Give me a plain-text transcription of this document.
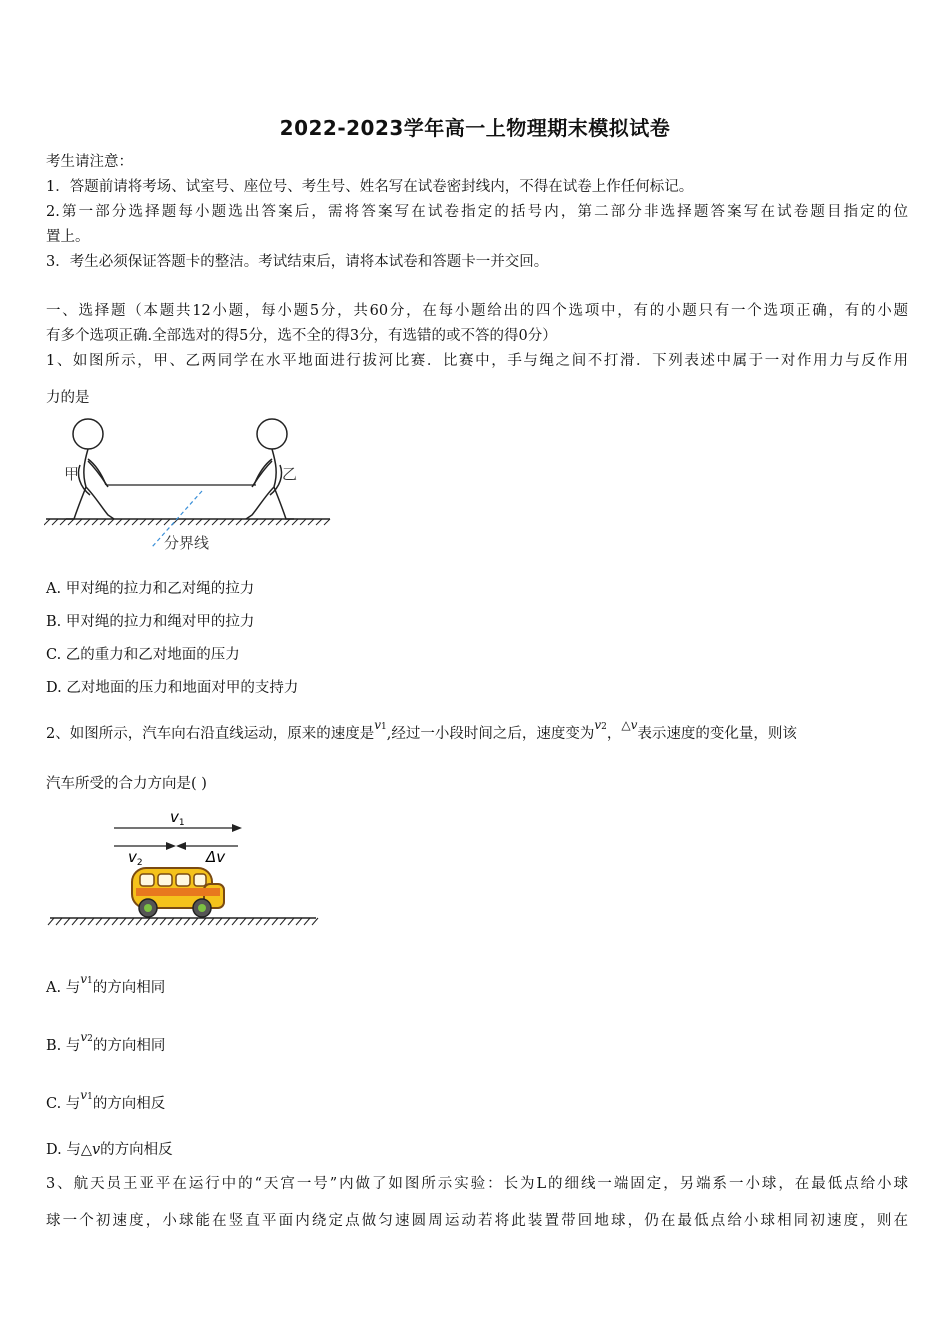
2022-2023学年高一上物理期末模拟试卷
考生请注意：
1．答题前请将考场、试室号、座位号、考生号、姓名写在试卷密封线内，不得在试卷上作任何标记。
2.第一部分选择题每小题选出答案后，需将答案写在试卷指定的括号内，第二部分非选择题答案写在试卷题目指定的位
置上。
3．考生必须保证答题卡的整洁。考试结束后，请将本试卷和答题卡一并交回。
一、选择题（本题共12小题，每小题5分，共60分，在每小题给出的四个选项中，有的小题只有一个选项正确，有的小题
有多个选项正确.全部选对的得5分，选不全的得3分，有选错的或不答的得0分）
1、如图所示，甲、乙两同学在水平地面进行拔河比赛．比赛中，手与绳之间不打滑．下列表述中属于一对作用力与反作用
力的是
甲	乙
分界线
A. 甲对绳的拉力和乙对绳的拉力
B. 甲对绳的拉力和绳对甲的拉力
C. 乙的重力和乙对地面的压力
D. 乙对地面的压力和地面对甲的支持力
2、如图所示，汽车向右沿直线运动，原来的速度是$^{v1}$,经过一小段时间之后，速度变为$^{v2}$，$^{\triangle v}$表示速度的变化量，则该
汽车所受的合力方向是( )
$v_1$
$v_2$	Δv
A. 与$^{v1}$的方向相同
B. 与$^{v2}$的方向相同
C. 与$^{v1}$的方向相反
D. 与△v的方向相反
3、航天员王亚平在运行中的“天宫一号”内做了如图所示实验：长为L的细线一端固定，另端系一小球，在最低点给小球
球一个初速度，小球能在竖直平面内绕定点做匀速圆周运动若将此装置带回地球，仍在最低点给小球相同初速度，则在
